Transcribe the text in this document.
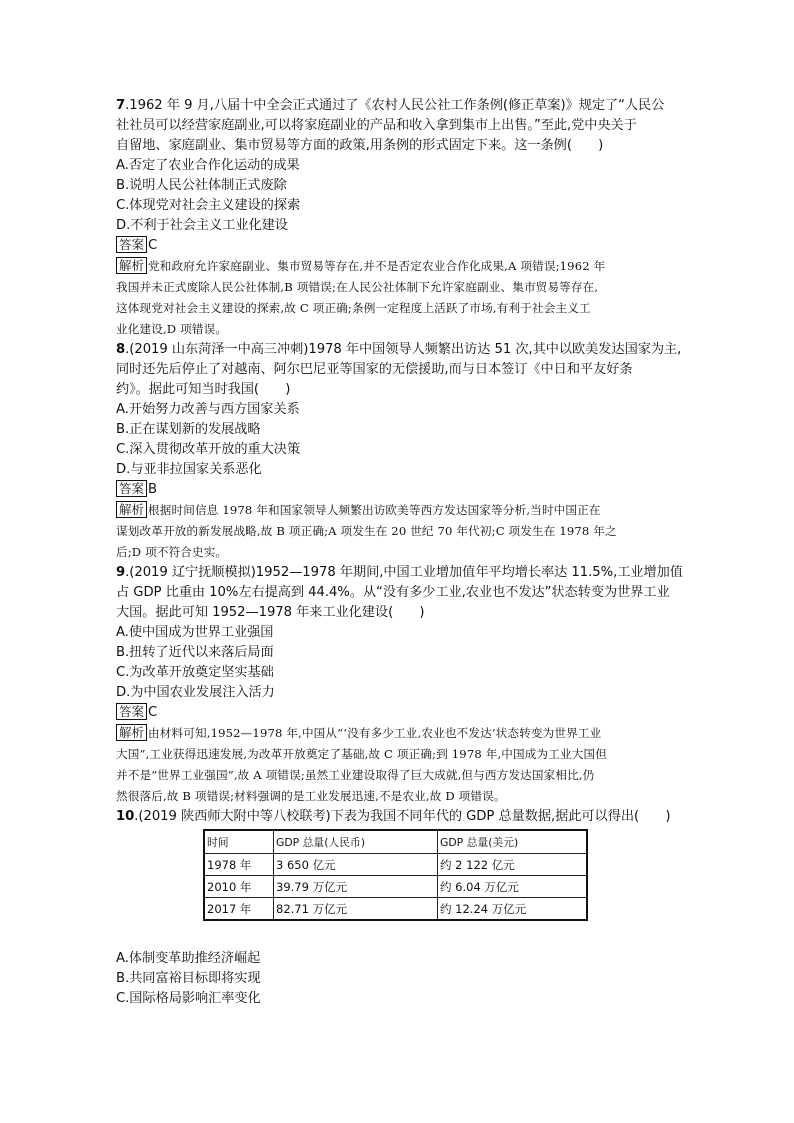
7.1962 年 9 月,八届十中全会正式通过了《农村人民公社工作条例(修正草案)》规定了“人民公
社社员可以经营家庭副业,可以将家庭副业的产品和收入拿到集市上出售。”至此,党中央关于
自留地、家庭副业、集市贸易等方面的政策,用条例的形式固定下来。这一条例(　　)
A.否定了农业合作化运动的成果
B.说明人民公社体制正式废除
C.体现党对社会主义建设的探索
D.不利于社会主义工业化建设
答案 C
解析 党和政府允许家庭副业、集市贸易等存在,并不是否定农业合作化成果,A 项错误;1962 年
我国并未正式废除人民公社体制,B 项错误;在人民公社体制下允许家庭副业、集市贸易等存在,
这体现党对社会主义建设的探索,故 C 项正确;条例一定程度上活跃了市场,有利于社会主义工
业化建设,D 项错误。
8.(2019 山东菏泽一中高三冲刺)1978 年中国领导人频繁出访达 51 次,其中以欧美发达国家为主,
同时还先后停止了对越南、阿尔巴尼亚等国家的无偿援助,而与日本签订《中日和平友好条
约》。据此可知当时我国(　　)
A.开始努力改善与西方国家关系
B.正在谋划新的发展战略
C.深入贯彻改革开放的重大决策
D.与亚非拉国家关系恶化
答案 B
解析 根据时间信息 1978 年和国家领导人频繁出访欧美等西方发达国家等分析,当时中国正在
谋划改革开放的新发展战略,故 B 项正确;A 项发生在 20 世纪 70 年代初;C 项发生在 1978 年之
后;D 项不符合史实。
9.(2019 辽宁抚顺模拟)1952—1978 年期间,中国工业增加值年平均增长率达 11.5%,工业增加值
占 GDP 比重由 10%左右提高到 44.4%。从“没有多少工业,农业也不发达”状态转变为世界工业
大国。据此可知 1952—1978 年来工业化建设(　　)
A.使中国成为世界工业强国
B.扭转了近代以来落后局面
C.为改革开放奠定坚实基础
D.为中国农业发展注入活力
答案 C
解析 由材料可知,1952—1978 年,中国从“‘没有多少工业,农业也不发达’状态转变为世界工业
大国”,工业获得迅速发展,为改革开放奠定了基础,故 C 项正确;到 1978 年,中国成为工业大国但
并不是“世界工业强国”,故 A 项错误;虽然工业建设取得了巨大成就,但与西方发达国家相比,仍
然很落后,故 B 项错误;材料强调的是工业发展迅速,不是农业,故 D 项错误。
10.(2019 陕西师大附中等八校联考)下表为我国不同年代的 GDP 总量数据,据此可以得出(　　)
时间	GDP 总量(人民币)	GDP 总量(美元)
1978 年	3 650 亿元	约 2 122 亿元
2010 年	39.79 万亿元	约 6.04 万亿元
2017 年	82.71 万亿元	约 12.24 万亿元
A.体制变革助推经济崛起
B.共同富裕目标即将实现
C.国际格局影响汇率变化
